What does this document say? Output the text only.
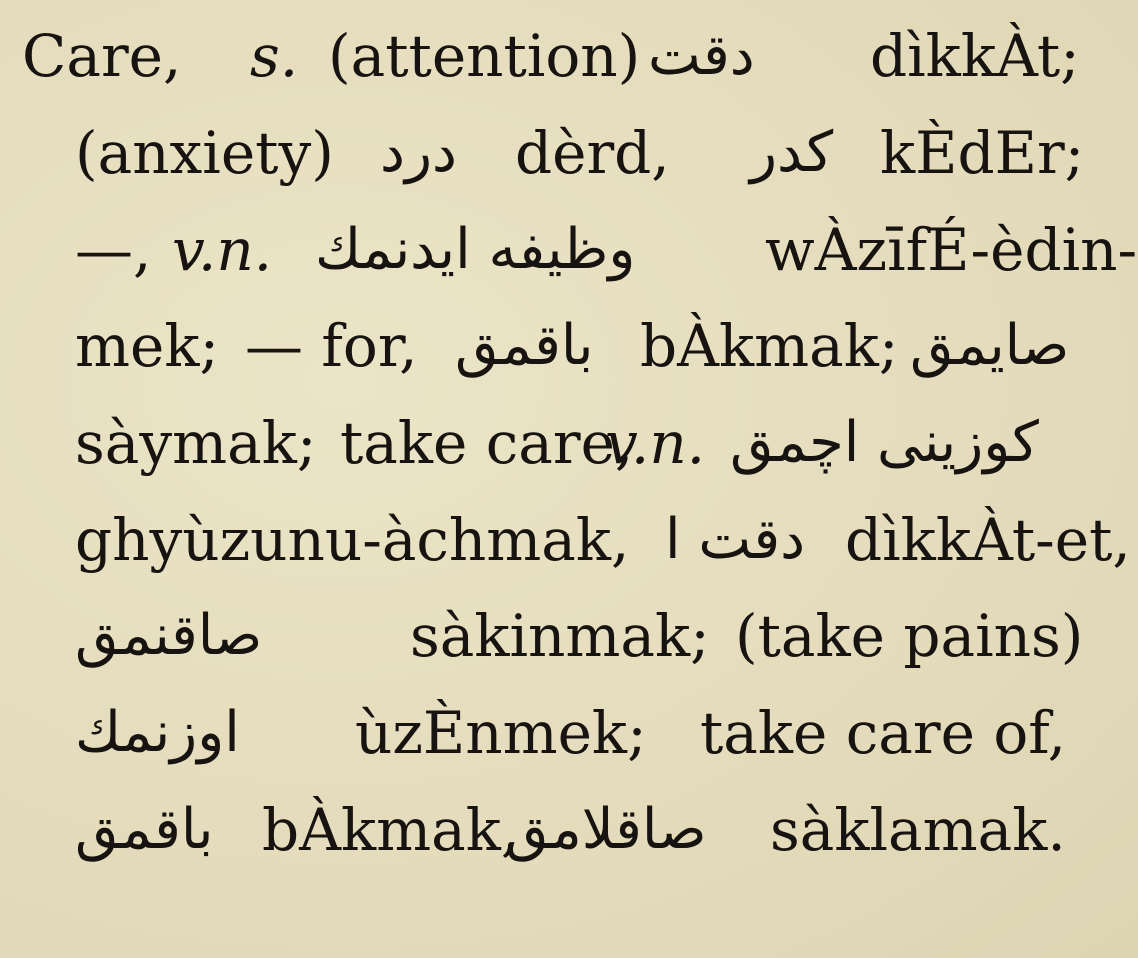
Care, s. (attention) دقت dìkkÀt;
(anxiety) درد dèrd, كدر kÈdEr;
—, v.n. وظيفه ايدنمك wÀzīfÉ-èdin-
mek; — for, باقمق bÀkmak; صايمق
sàymak; take care,
v.n. كوزينى اچمق
ghyùzunu-àchmak, دقت ا dìkkÀt-et,
صاقنمق	sàkinmak; (take pains)
اوزنمك ùzÈnmek; take care of,
باقمق bÀkmak,
صاقلامق sàklamak.
